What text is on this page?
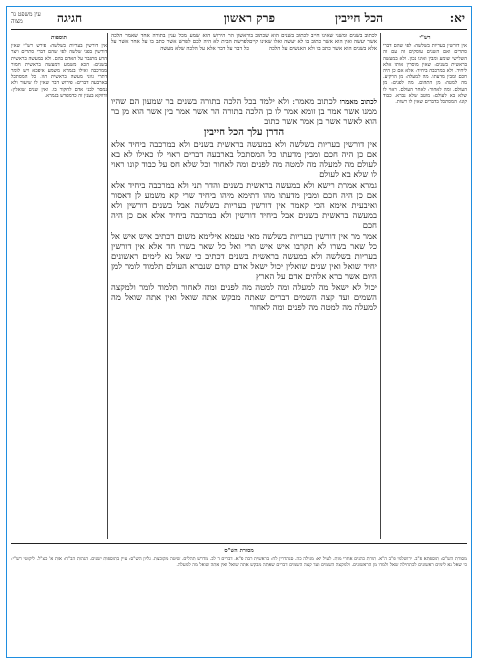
יא:
הכל חייבין
פרק ראשון
חגיגה
עין משפט נר מצוה
רש"י

אין דורשין בעריות בשלשה: לפי שהם דברי סתרים ואם השנים עוסקים זה עם זה השלישי שומע ומבין ואינו נכון. ולא במעשה בראשית בשנים: שאין מוסרין אותו אלא ליחיד. ולא במרכבה ביחיד: אלא אם כן היה חכם ומבין מדעתו. מה למעלה: מן הרקיע. מה למטה: מן התהום. מה לפנים: מן העולם. ומה לאחור: לאחר העולם. ראוי לו שלא בא לעולם: מוטב שלא נברא. כבוד קונו: המסתכל בדברים שאין לו רשות.

תוספות

אין דורשין בעריות בשלשה: פירש רש"י שאין דורשין בפני שלשה לפי שהם דברי סתרים ויצר הרע מתגבר על האדם בהם. ולא במעשה בראשית בשנים: הכא משמע דמעשה בראשית חמור ממרכבה ואילו בגמרא משמע איפכא ויש לומר דתרי גווני מעשה בראשית הוו. כל המסתכל בארבעה דברים: פירוש דבר שאין לו שיעור ולא נמסר לבני אדם לחקור בו. ואין שנים שואלין: ודווקא בענין זה כדמפרש בגמרא.

לכתוב בשנים ומשני שאינו חייב לכתוב בשנים הוא שכתוב בו אשר יעשה ואין הוא אשר כתוב בו לא יעשה ואלו שאינו קיים אלא בשנים הוא אשר כתב בו ולא האנשים על הלכה

ראשון הר הירוש הוא שמע מכל ענין בתורה אחד שאמר הלכה לפרשת הבית לא היה לכם לפרש אשר כתב בו על אחר אשר על כל דבר על דבר אלא על הלכה שלא מעשה

לכתוב מאמרו לכתוב מאמר: ולא ילמד בכל הלכה בתורה בשנים בר שמעון הם שהיו ממנו אשר אמר בן זומא אמר לו כן הלכה בתורה הר אשר אמר בין אשר הוא מן בר הוא לאשר אשר בן אמר אשר כתוב

הדרן עלך הכל חייבין

אין דורשין בעריות בשלשה ולא במעשה בראשית בשנים ולא במרכבה ביחיד אלא אם כן היה חכם ומבין מדעתו כל המסתכל בארבעה דברים ראוי לו כאילו לא בא לעולם מה למעלה מה למטה מה לפנים ומה לאחור וכל שלא חס על כבוד קונו ראוי לו שלא בא לעולם

גמרא אמרת רישא ולא במעשה בראשית בשנים והדר תני ולא במרכבה ביחיד אלא אם כן היה חכם ומבין מדעתו מהו דתימא מיהו ביחיד שרי קא משמע לן דאסור ואיבעית אימא הכי קאמר אין דורשין בעריות בשלשה אבל בשנים דורשין ולא במעשה בראשית בשנים אבל ביחיד דורשין ולא במרכבה ביחיד אלא אם כן היה חכם

אמר מר אין דורשין בעריות בשלשה מאי טעמא אילימא משום דכתיב איש איש אל כל שאר בשרו לא תקרבו איש איש תרי ואל כל שאר בשרו חד אלא אין דורשין בעריות בשלשה ולא במעשה בראשית בשנים דכתיב כי שאל נא לימים ראשונים יחיד שואל ואין שנים שואלין יכול ישאל אדם קודם שנברא העולם תלמוד לומר למן היום אשר ברא אלהים אדם על הארץ

יכול לא ישאל מה למעלה ומה למטה מה לפנים ומה לאחור תלמוד לומר ולמקצה השמים ועד קצה השמים דברים שאתה מבקש אתה שואל ואין אתה שואל מה למעלה מה למטה מה לפנים ומה לאחור

מסורת הש"ס

מסורת הש"ס: תוספתא פ"ב. ירושלמי פ"ב ה"א. תורת כהנים אחרי מות. לעיל יא: מגילה כה. סנהדרין לח: בראשית רבה פ"א. דברים ד לב. מדרש תהלים. שיטה מקובצת. גליון הש"ס: עיין בתוספות ישנים. הגהות הב"ח: אות א' כצ"ל. ליקוטי רש"י: כי שאל נא לימים ראשונים לכתחילה שאל ולמדו מן הראשונים. ולמקצה השמים ועד קצה השמים דברים שאתה מבקש אתה שואל ואין אתה שואל מה למעלה.
